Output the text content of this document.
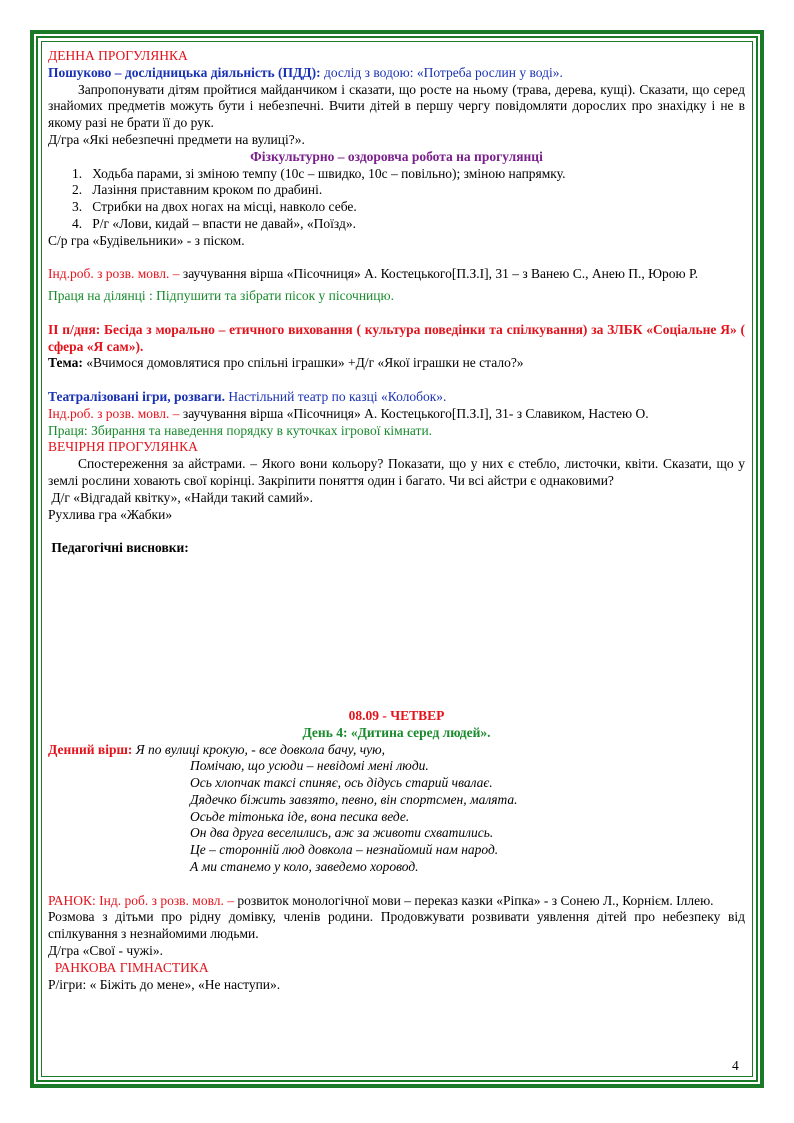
ДЕННА ПРОГУЛЯНКА

Пошуково – дослідницька діяльність (ПДД): дослід з водою: «Потреба рослин у воді».

Запропонувати дітям пройтися майданчиком і сказати, що росте на ньому (трава, дерева, кущі). Сказати, що серед знайомих предметів можуть бути і небезпечні. Вчити дітей в першу чергу повідомляти дорослих про знахідку і не в якому разі не брати її до рук.

Д/гра «Які небезпечні предмети на вулиці?».

Фізкультурно – оздоровча робота на прогулянці

1. Ходьба парами, зі зміною темпу (10с – швидко, 10с – повільно); зміною напрямку.
2. Лазіння приставним кроком по драбині.
3. Стрибки на двох ногах на місці, навколо себе.
4. Р/г «Лови, кидай – впасти не давай», «Поїзд».

С/р гра «Будівельники» - з піском.

Інд.роб. з розв. мовл. – заучування вірша «Пісочниця» А. Костецького[П.З.І], 31 – з Ванею С., Анею П., Юрою Р.

Праця на ділянці : Підпушити та зібрати пісок у пісочницю.

ІІ п/дня: Бесіда з морально – етичного виховання ( культура поведінки та спілкування) за ЗЛБК «Соціальне Я» ( сфера «Я сам»).

Тема: «Вчимося домовлятися про спільні іграшки» +Д/г «Якої іграшки не стало?»

Театралізовані ігри, розваги. Настільний театр по казці «Колобок».

Інд.роб. з розв. мовл. – заучування вірша «Пісочниця» А. Костецького[П.З.І], 31- з Славиком, Настею О.

Праця: Збирання та наведення порядку в куточках ігрової кімнати.

ВЕЧІРНЯ ПРОГУЛЯНКА

Спостереження за айстрами. – Якого вони кольору? Показати, що у них є стебло, листочки, квіти. Сказати, що у землі рослини ховають свої корінці. Закріпити поняття один і багато. Чи всі айстри є однаковими?

Д/г «Відгадай квітку», «Найди такий самий».

Рухлива гра «Жабки»

Педагогічні висновки:

08.09 - ЧЕТВЕР

День 4: «Дитина серед людей».

Денний вірш: Я по вулиці крокую, - все довкола бачу, чую,

Помічаю, що усюди – невідомі мені люди.

Ось хлопчак таксі спиняє, ось дідусь старий чвалає.

Дядечко біжить завзято, певно, він спортсмен, малята.

Осьде тітонька іде, вона песика веде.

Он два друга веселились, аж за животи схватились.

Це – сторонній люд довкола – незнайомий нам народ.

А ми станемо у коло, заведемо хоровод.

РАНОК: Інд. роб. з розв. мовл. – розвиток монологічної мови – переказ казки «Ріпка» - з Сонею Л., Корнієм. Іллею.

Розмова з дітьми про рідну домівку, членів родини. Продовжувати розвивати уявлення дітей про небезпеку від спілкування з незнайомими людьми.

Д/гра «Свої - чужі».

РАНКОВА ГІМНАСТИКА

Р/ігри: « Біжіть до мене», «Не наступи».

4
